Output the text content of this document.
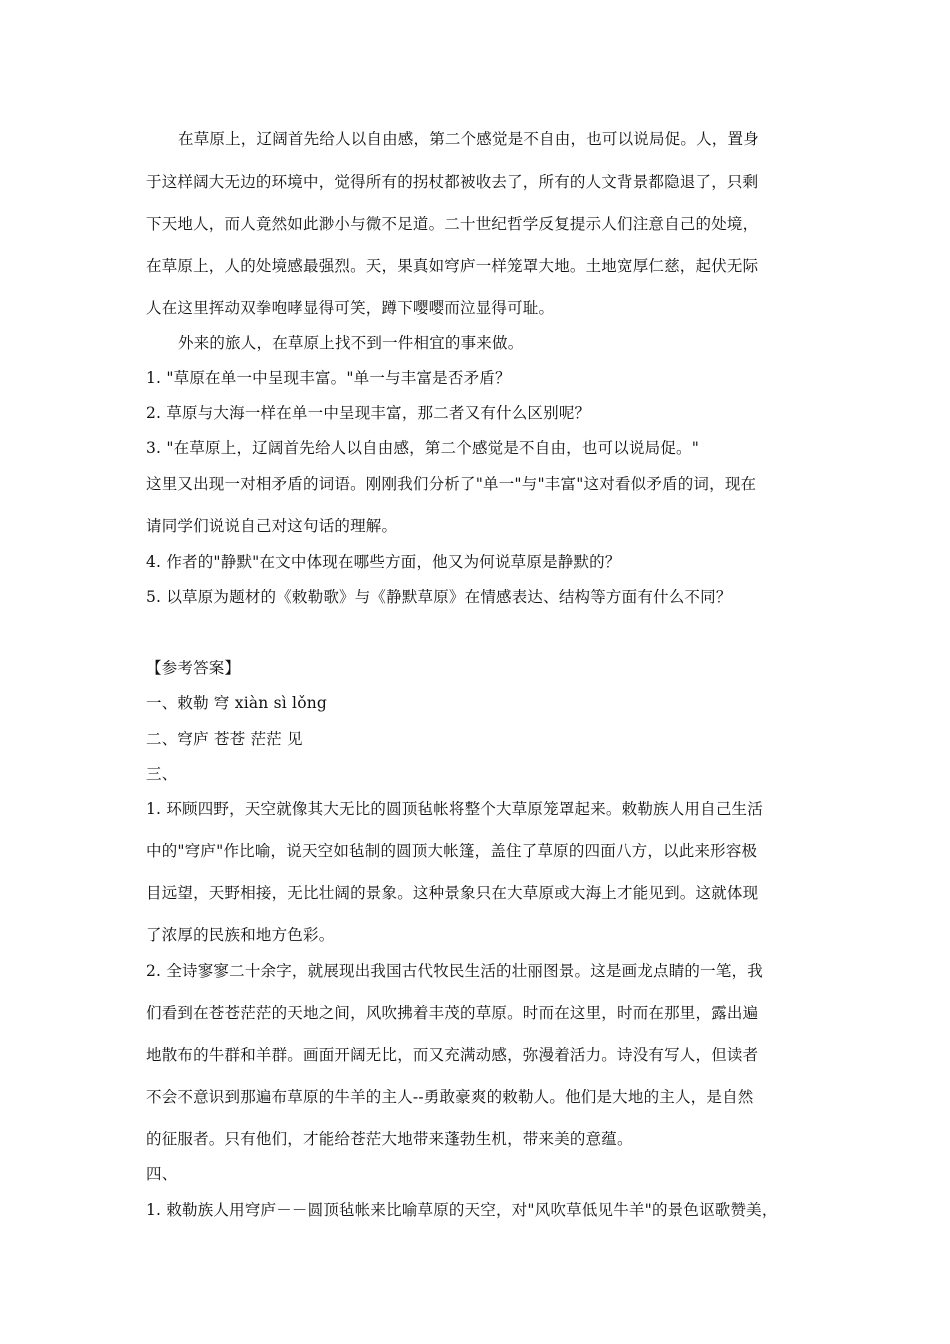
在草原上，辽阔首先给人以自由感，第二个感觉是不自由，也可以说局促。人，置身
于这样阔大无边的环境中，觉得所有的拐杖都被收去了，所有的人文背景都隐退了，只剩
下天地人，而人竟然如此渺小与微不足道。二十世纪哲学反复提示人们注意自己的处境，
在草原上，人的处境感最强烈。天，果真如穹庐一样笼罩大地。土地宽厚仁慈，起伏无际
人在这里挥动双拳咆哮显得可笑，蹲下嘤嘤而泣显得可耻。
外来的旅人，在草原上找不到一件相宜的事来做。
1. "草原在单一中呈现丰富。"单一与丰富是否矛盾？
2. 草原与大海一样在单一中呈现丰富，那二者又有什么区别呢？
3. "在草原上，辽阔首先给人以自由感，第二个感觉是不自由，也可以说局促。"
这里又出现一对相矛盾的词语。刚刚我们分析了"单一"与"丰富"这对看似矛盾的词，现在
请同学们说说自己对这句话的理解。
4. 作者的"静默"在文中体现在哪些方面，他又为何说草原是静默的？
5. 以草原为题材的《敕勒歌》与《静默草原》在情感表达、结构等方面有什么不同？
【参考答案】
一、敕勒 穹 xiàn sì lǒng
二、穹庐 苍苍 茫茫 见
三、
1. 环顾四野，天空就像其大无比的圆顶毡帐将整个大草原笼罩起来。敕勒族人用自己生活
中的"穹庐"作比喻，说天空如毡制的圆顶大帐篷，盖住了草原的四面八方，以此来形容极
目远望，天野相接，无比壮阔的景象。这种景象只在大草原或大海上才能见到。这就体现
了浓厚的民族和地方色彩。
2. 全诗寥寥二十余字，就展现出我国古代牧民生活的壮丽图景。这是画龙点睛的一笔，我
们看到在苍苍茫茫的天地之间，风吹拂着丰茂的草原。时而在这里，时而在那里，露出遍
地散布的牛群和羊群。画面开阔无比，而又充满动感，弥漫着活力。诗没有写人，但读者
不会不意识到那遍布草原的牛羊的主人--勇敢豪爽的敕勒人。他们是大地的主人，是自然
的征服者。只有他们，才能给苍茫大地带来蓬勃生机，带来美的意蕴。
四、
1. 敕勒族人用穹庐－－圆顶毡帐来比喻草原的天空，对"风吹草低见牛羊"的景色讴歌赞美，
